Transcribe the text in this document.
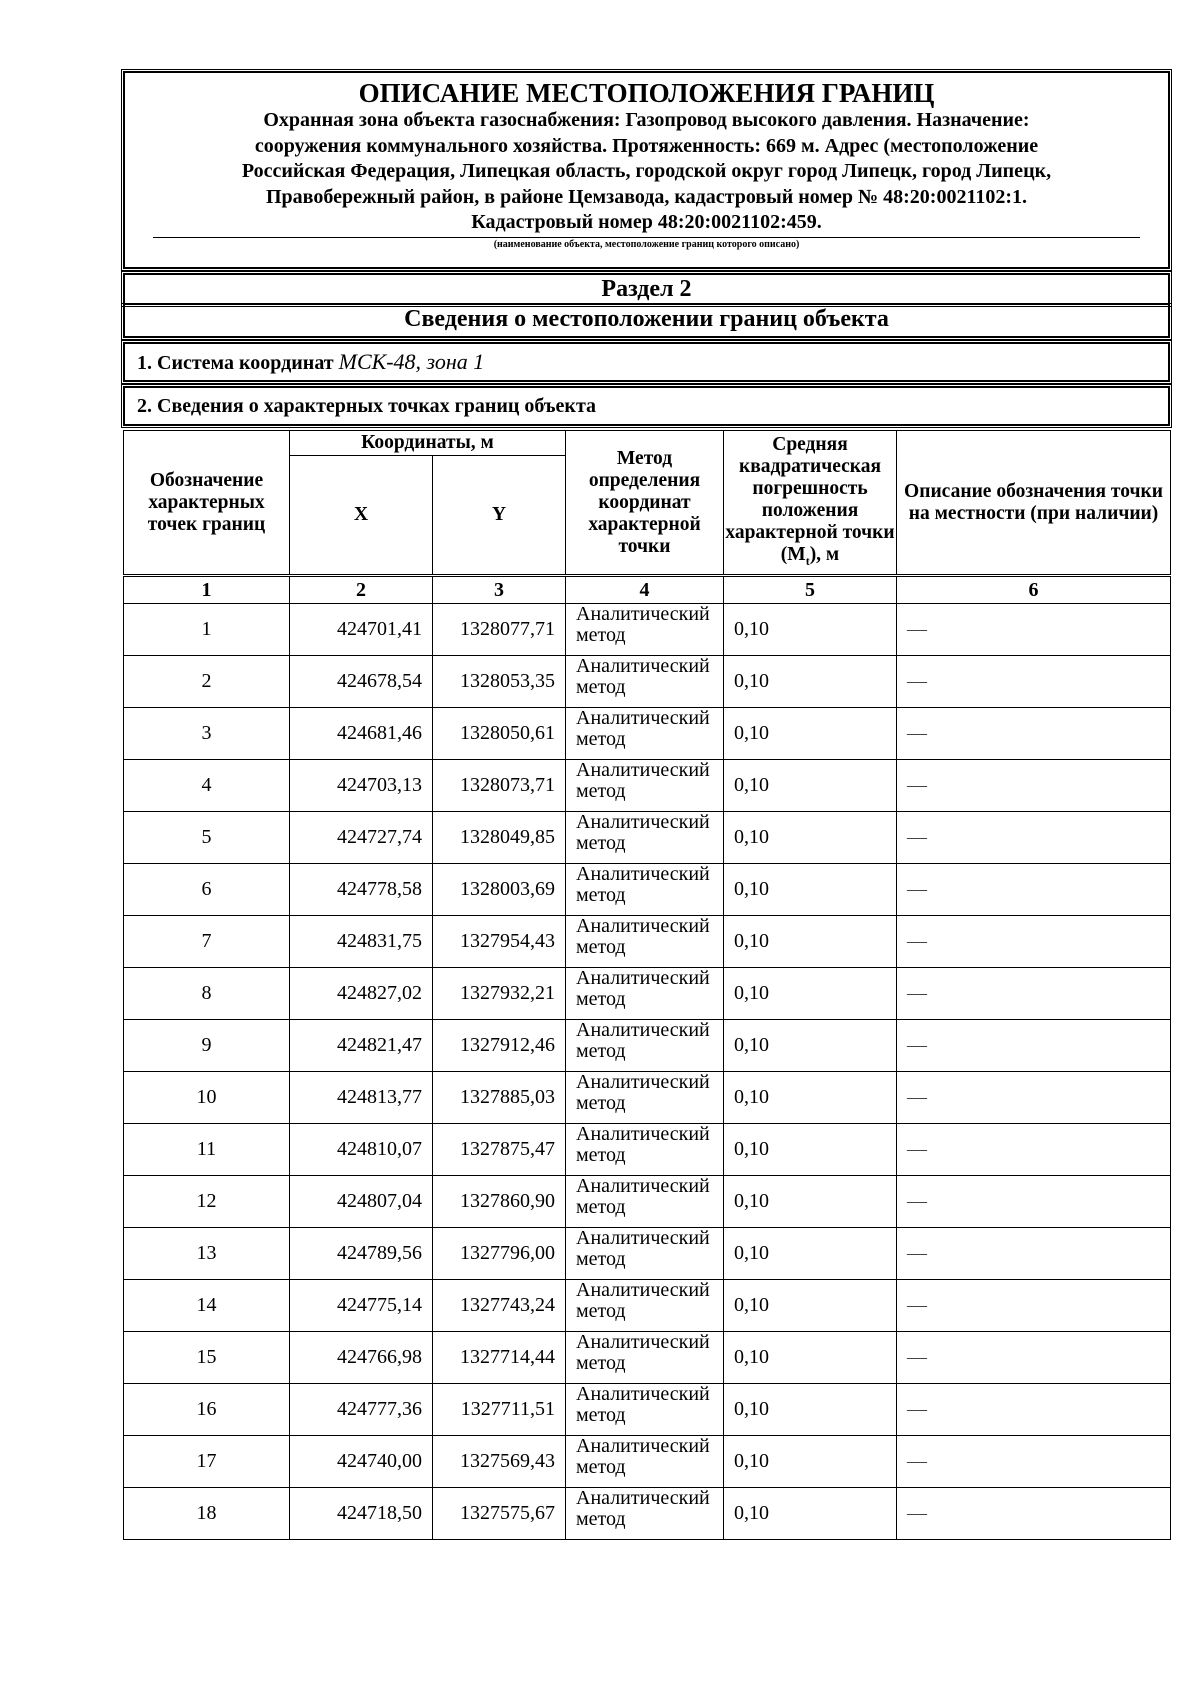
ОПИСАНИЕ МЕСТОПОЛОЖЕНИЯ ГРАНИЦ
Охранная зона объекта газоснабжения: Газопровод высокого давления. Назначение:
сооружения коммунального хозяйства. Протяженность: 669 м. Адрес (местоположение
Российская Федерация, Липецкая область, городской округ город Липецк, город Липецк,
Правобережный район, в районе Цемзавода, кадастровый номер № 48:20:0021102:1.
Кадастровый номер 48:20:0021102:459.
(наименование объекта, местоположение границ которого описано)
Раздел 2
Сведения о местоположении границ объекта
1. Система координат МСК-48, зона 1
2. Сведения о характерных точках границ объекта
Обозначение характерных точек границ	Координаты, м		Метод определения координат характерной точки	Средняя квадратическая погрешность положения характерной точки $(M_t)$, м	Описание обозначения точки на местности (при наличии)
	X	Y			
1	2	3	4	5	6
1	424701,41	1328077,71	Аналитический метод	0,10	—
2	424678,54	1328053,35	Аналитический метод	0,10	—
3	424681,46	1328050,61	Аналитический метод	0,10	—
4	424703,13	1328073,71	Аналитический метод	0,10	—
5	424727,74	1328049,85	Аналитический метод	0,10	—
6	424778,58	1328003,69	Аналитический метод	0,10	—
7	424831,75	1327954,43	Аналитический метод	0,10	—
8	424827,02	1327932,21	Аналитический метод	0,10	—
9	424821,47	1327912,46	Аналитический метод	0,10	—
10	424813,77	1327885,03	Аналитический метод	0,10	—
11	424810,07	1327875,47	Аналитический метод	0,10	—
12	424807,04	1327860,90	Аналитический метод	0,10	—
13	424789,56	1327796,00	Аналитический метод	0,10	—
14	424775,14	1327743,24	Аналитический метод	0,10	—
15	424766,98	1327714,44	Аналитический метод	0,10	—
16	424777,36	1327711,51	Аналитический метод	0,10	—
17	424740,00	1327569,43	Аналитический метод	0,10	—
18	424718,50	1327575,67	Аналитический метод	0,10	—
